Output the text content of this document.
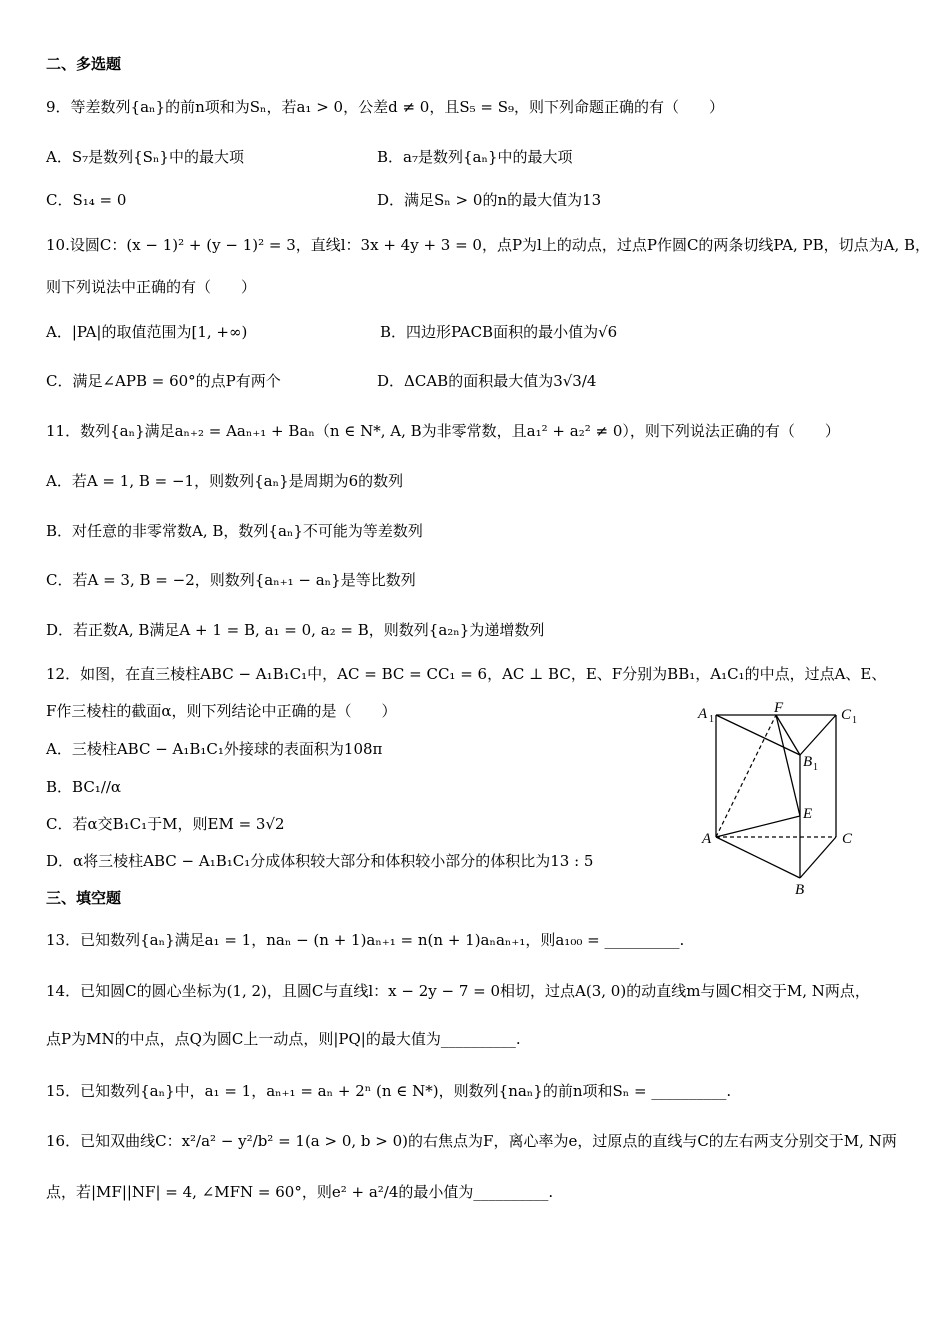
二、多选题
9．等差数列{aₙ}的前n项和为Sₙ，若a₁ > 0，公差d ≠ 0，且S₅ = S₉，则下列命题正确的有（　　）
A．S₇是数列{Sₙ}中的最大项	B．a₇是数列{aₙ}中的最大项
C．S₁₄ = 0	D．满足Sₙ > 0的n的最大值为13
10.设圆C：(x − 1)² + (y − 1)² = 3，直线l：3x + 4y + 3 = 0，点P为l上的动点，过点P作圆C的两条切线PA, PB，切点为A, B，
则下列说法中正确的有（　　）
A．|PA|的取值范围为[1, +∞)	B．四边形PACB面积的最小值为√6
C．满足∠APB = 60°的点P有两个	D．ΔCAB的面积最大值为3√3/4
11．数列{aₙ}满足aₙ₊₂ = Aaₙ₊₁ + Baₙ（n ∈ N*, A, B为非零常数，且a₁² + a₂² ≠ 0），则下列说法正确的有（　　）
A．若A = 1, B = −1，则数列{aₙ}是周期为6的数列
B．对任意的非零常数A, B，数列{aₙ}不可能为等差数列
C．若A = 3, B = −2，则数列{aₙ₊₁ − aₙ}是等比数列
D．若正数A, B满足A + 1 = B, a₁ = 0, a₂ = B，则数列{a₂ₙ}为递增数列
12．如图，在直三棱柱ABC − A₁B₁C₁中，AC = BC = CC₁ = 6，AC ⊥ BC，E、F分别为BB₁，A₁C₁的中点，过点A、E、
F作三棱柱的截面α，则下列结论中正确的是（　　）
A．三棱柱ABC − A₁B₁C₁外接球的表面积为108π
B．BC₁//α
C．若α交B₁C₁于M，则EM = 3√2
D．α将三棱柱ABC − A₁B₁C₁分成体积较大部分和体积较小部分的体积比为13 : 5
A 1
F	C 1
B 1
E
A	C
B
三、填空题
13．已知数列{aₙ}满足a₁ = 1，naₙ − (n + 1)aₙ₊₁ = n(n + 1)aₙaₙ₊₁，则a₁₀₀ = __________.
14．已知圆C的圆心坐标为(1, 2)，且圆C与直线l：x − 2y − 7 = 0相切，过点A(3, 0)的动直线m与圆C相交于M, N两点，
点P为MN的中点，点Q为圆C上一动点，则|PQ|的最大值为__________.
15．已知数列{aₙ}中，a₁ = 1，aₙ₊₁ = aₙ + 2ⁿ (n ∈ N*)，则数列{naₙ}的前n项和Sₙ = __________.
16．已知双曲线C：x²/a² − y²/b² = 1(a > 0, b > 0)的右焦点为F，离心率为e，过原点的直线与C的左右两支分别交于M, N两
点，若|MF||NF| = 4, ∠MFN = 60°，则e² + a²/4的最小值为__________.
